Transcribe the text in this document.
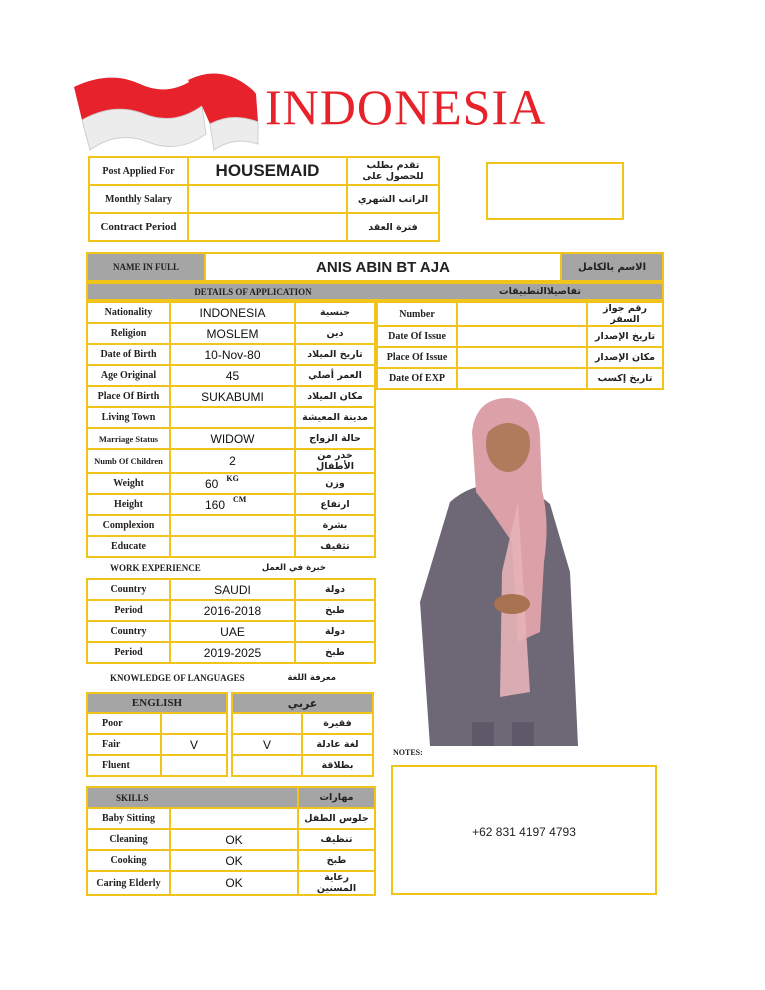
INDONESIA
Post Applied For	HOUSEMAID	تقدم بطلب للحصول على
Monthly Salary		الراتب الشهري
Contract Period		فترة العقد
NAME IN FULL	ANIS ABIN BT AJA	الاسم بالكامل
DETAILS OF APPLICATION	تفاصيلاالتطبيقات
Nationality	INDONESIA	جنسية
Religion	MOSLEM	دين
Date of Birth	10-Nov-80	تاريخ الميلاد
Age Original	45	العمر أصلي
Place Of Birth	SUKABUMI	مكان الميلاد
Living Town		مدينة المعيشة
Marriage Status	WIDOW	حالة الزواج
Numb Of Children	2	خدر من الأطفال
Weight	60 $^{KG}$	وزن
Height	160 $^{CM}$	ارتفاع
Complexion		بشرة
Educate		تثقيف
Number		رقم جواز السفر
Date Of Issue		تاريخ الإصدار
Place Of Issue		مكان الإصدار
Date Of EXP		تاريخ إكسب
WORK EXPERIENCE	خبرة في العمل
Country	SAUDI	دولة
Period	2016-2018	طبخ
Country	UAE	دولة
Period	2019-2025	طبخ
KNOWLEDGE OF LANGUAGES	معرفة اللغة
ENGLISH	
Poor	
Fair	V
Fluent	
عربي	
	فقيرة
V	لغة عادلة
	بطلاقة
SKILLS		مهارات
Baby Sitting		جلوس الطفل
Cleaning	OK	تنظيف
Cooking	OK	طبخ
Caring Elderly	OK	رعاية المسنين
NOTES:
+62 831 4197 4793
